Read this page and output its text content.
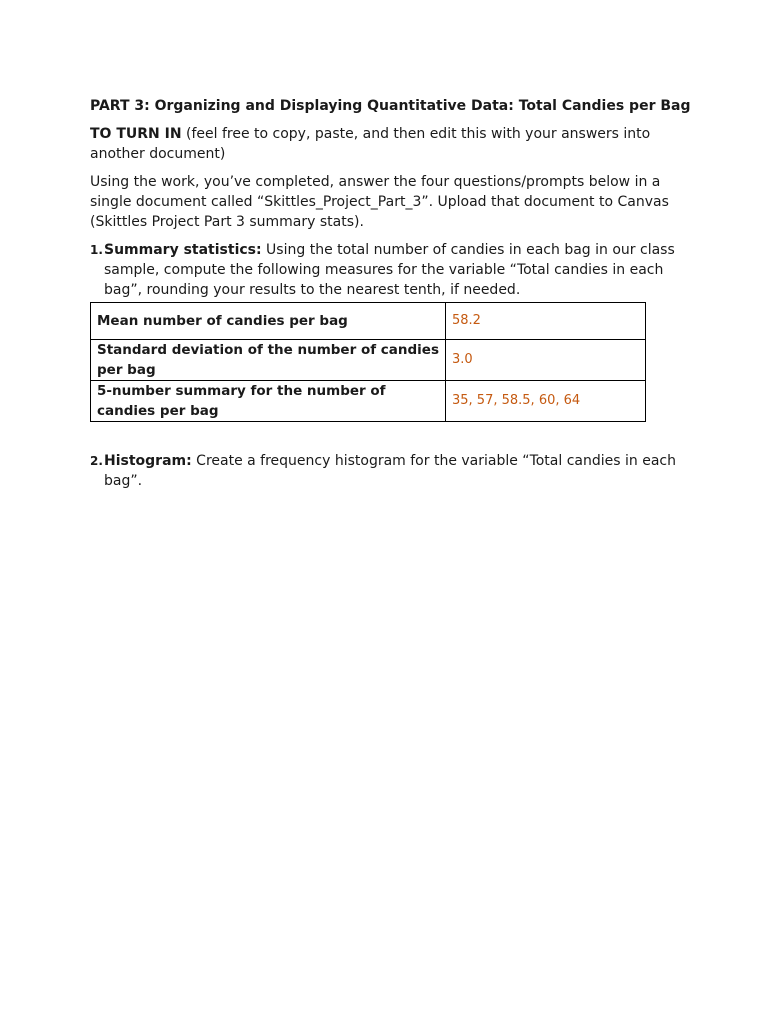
PART 3: Organizing and Displaying Quantitative Data: Total Candies per Bag

TO TURN IN (feel free to copy, paste, and then edit this with your answers into another document)

Using the work, you’ve completed, answer the four questions/prompts below in a single document called “Skittles_Project_Part_3”. Upload that document to Canvas (Skittles Project Part 3 summary stats).

1. Summary statistics: Using the total number of candies in each bag in our class sample, compute the following measures for the variable “Total candies in each bag”, rounding your results to the nearest tenth, if needed.
Mean number of candies per bag	58.2
Standard deviation of the number of candies per bag	3.0
5-number summary for the number of candies per bag	35, 57, 58.5, 60, 64
2. Histogram: Create a frequency histogram for the variable “Total candies in each bag”.
